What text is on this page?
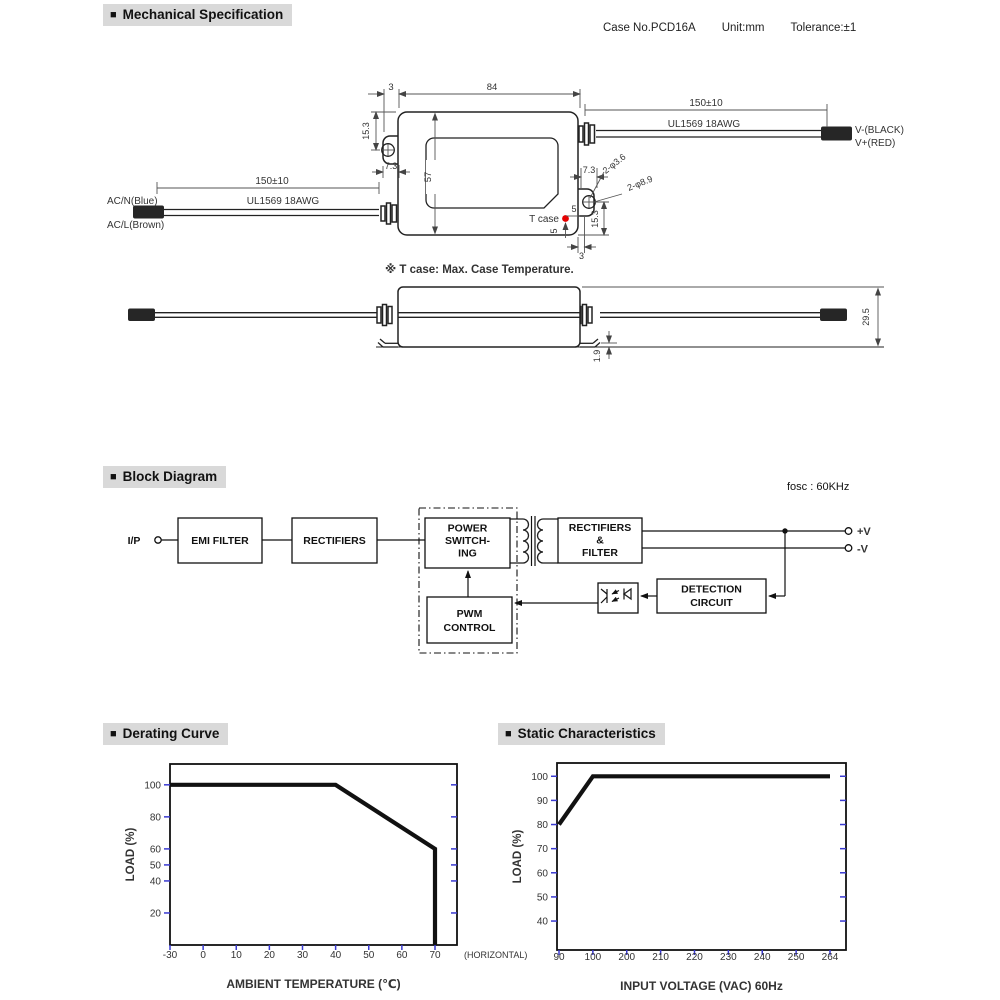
■ Mechanical Specification
Case No.PCD16A Unit:mm Tolerance:±1
■ Block Diagram
fosc : 60KHz
■ Derating Curve	■ Static Characteristics
57
84
3
15.3
7.3	7.3 2-φ3.6
2-φ8.9
15.3
3
T case
5
5
150±10
UL1569 18AWG
AC/N(Blue)
AC/L(Brown)
150±10
UL1569 18AWG
V-(BLACK)
V+(RED)
※ T case: Max. Case Temperature.
29.5
1.9
I/P	EMI FILTER	RECTIFIERS
POWER
SWITCH-
ING
PWM
CONTROL
RECTIFIERS
&
FILTER
+V
-V
DETECTION
CIRCUIT
-30 0 10 20 30 40 50 60 70	(HORIZONTAL)
20
40
50
60
80
100
LOAD (%)
AMBIENT TEMPERATURE (℃)
90 100 200 210 220 230 240 250 264
40
50
60
70
80
90
100
LOAD (%)
INPUT VOLTAGE (VAC) 60Hz
